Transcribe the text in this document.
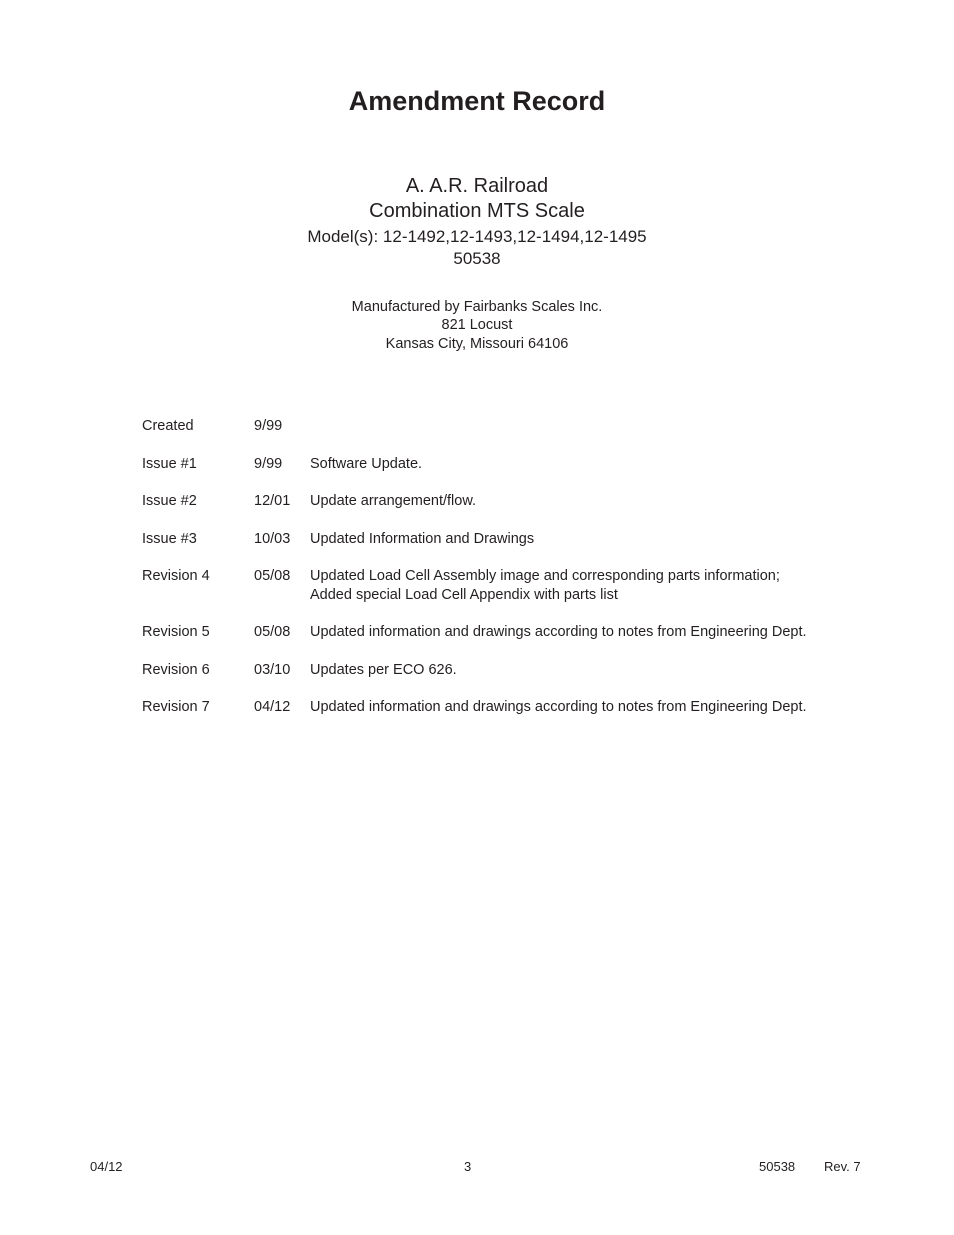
Amendment Record
A. A.R. Railroad
Combination MTS Scale
Model(s): 12-1492,12-1493,12-1494,12-1495
50538
Manufactured by Fairbanks Scales Inc.
821 Locust
Kansas City, Missouri 64106
Created	9/99
Issue #1	9/99 Software Update.
Issue #2	12/01 Update arrangement/flow.
Issue #3	10/03 Updated Information and Drawings
Revision 4	05/08 Updated Load Cell Assembly image and corresponding parts information;
Added special Load Cell Appendix with parts list
Revision 5	05/08 Updated information and drawings according to notes from Engineering Dept.
Revision 6	03/10 Updates per ECO 626.
Revision 7	04/12 Updated information and drawings according to notes from Engineering Dept.
04/12	3	50538 Rev. 7
